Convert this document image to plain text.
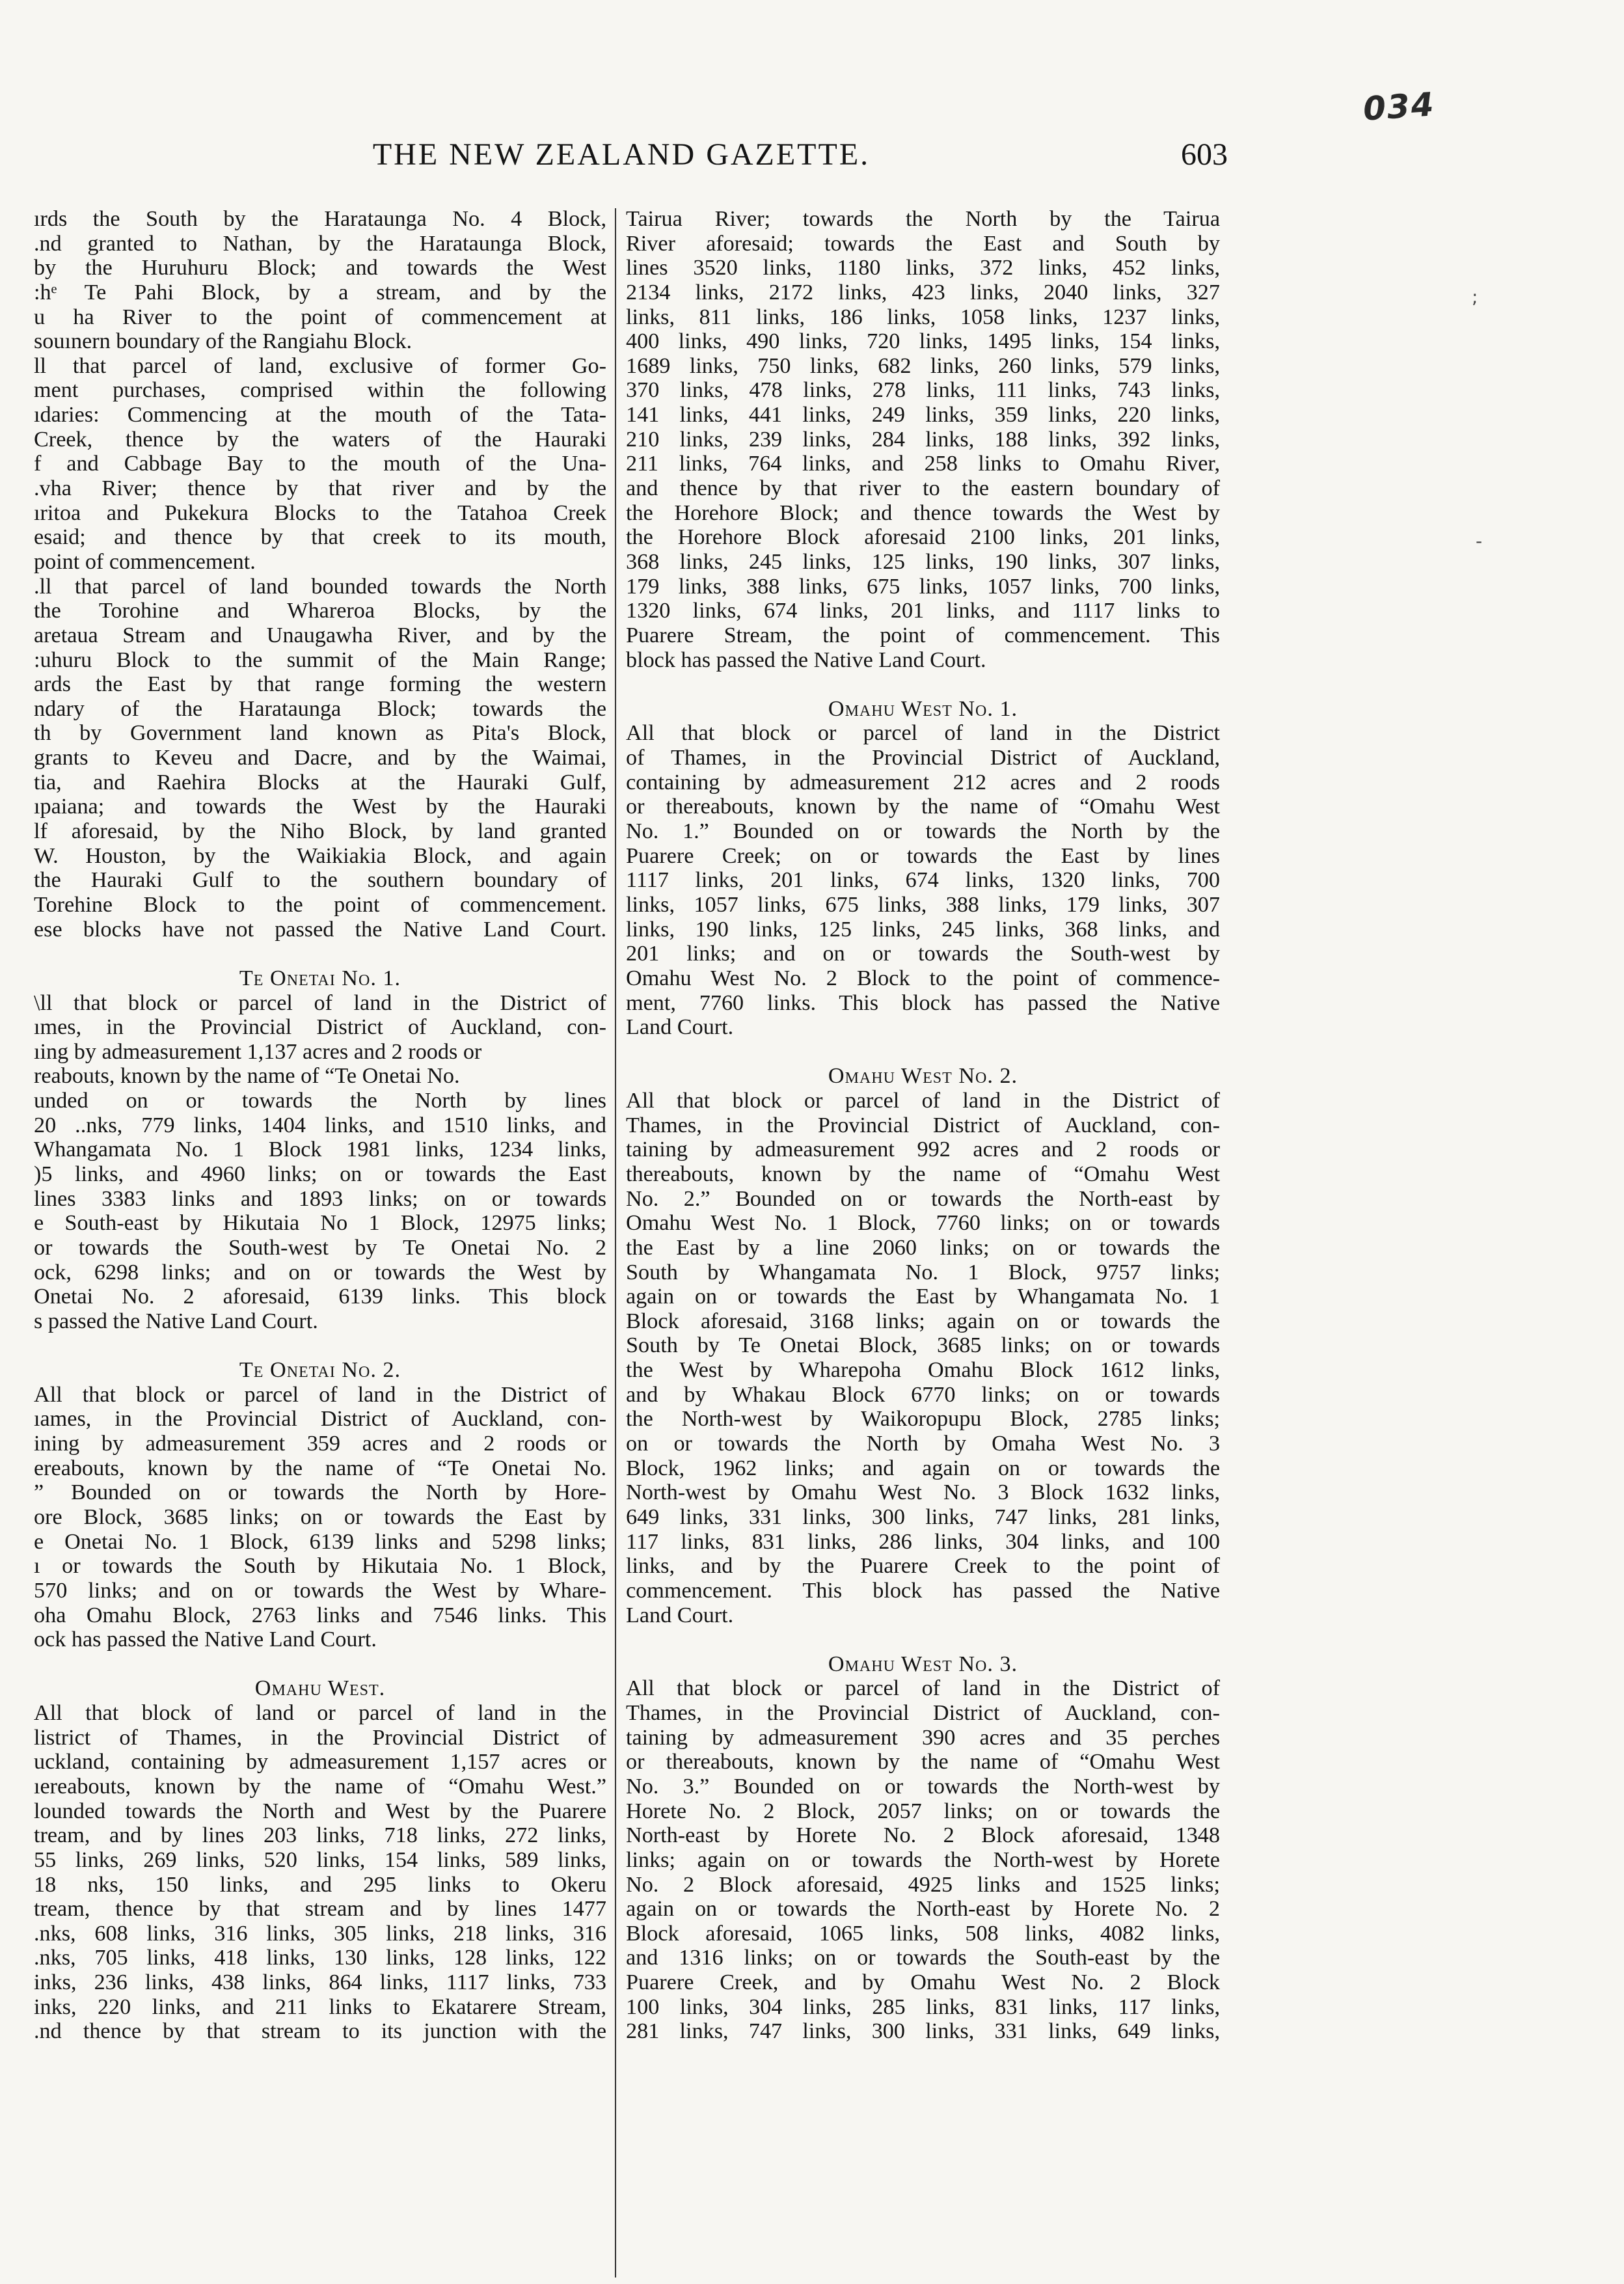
034
THE NEW ZEALAND GAZETTE.	603
ırds the South by the Haratаunga No. 4 Block,
.nd granted to Nathan, by the Haratаunga Block,
by the Huruhuru Block; and towards the West
:hᵉ Te Pahi Block, by a stream, and by the
u ha River to the point of commencement at
souınern boundary of the Rangiahu Block.
ll that parcel of land, exclusive of former Go-
ment purchases, comprised within the following
ıdaries: Commencing at the mouth of the Tata-
Creek, thence by the waters of the Hauraki
f and Cabbage Bay to the mouth of the Una-
.vha River; thence by that river and by the
ıritoa and Pukekura Blocks to the Tatahoa Creek
esaid; and thence by that creek to its mouth,
point of commencement.
.ll that parcel of land bounded towards the North
the Torohine and Whareroa Blocks, by the
aretaua Stream and Unaugawha River, and by the
:uhuru Block to the summit of the Main Range;
ards the East by that range forming the western
ndary of the Haratаunga Block; towards the
th by Government land known as Pita's Block,
grants to Keveu and Dacre, and by the Waimai,
tia, and Raehira Blocks at the Hauraki Gulf,
ıpaiana; and towards the West by the Hauraki
lf aforesaid, by the Niho Block, by land granted
W. Houston, by the Waikiakia Block, and again
the Hauraki Gulf to the southern boundary of
Torehine Block to the point of commencement.
ese blocks have not passed the Native Land Court.
Te Onetai No. 1.
\ll that block or parcel of land in the District of
ımes, in the Provincial District of Auckland, con-
ıing by admeasurement 1,137 acres and 2 roods or
reabouts, known by the name of “Te Onetai No.
unded on or towards the North by lines
20 ..nks, 779 links, 1404 links, and 1510 links, and
Whangamata No. 1 Block 1981 links, 1234 links,
)5 links, and 4960 links; on or towards the East
lines 3383 links and 1893 links; on or towards
e South-east by Hikutaia No 1 Block, 12975 links;
or towards the South-west by Te Onetai No. 2
ock, 6298 links; and on or towards the West by
Onetai No. 2 aforesaid, 6139 links. This block
s passed the Native Land Court.
Te Onetai No. 2.
All that block or parcel of land in the District of
ıames, in the Provincial District of Auckland, con-
ining by admeasurement 359 acres and 2 roods or
ereabouts, known by the name of “Te Onetai No.
” Bounded on or towards the North by Hore-
ore Block, 3685 links; on or towards the East by
e Onetai No. 1 Block, 6139 links and 5298 links;
ı or towards the South by Hikutaia No. 1 Block,
570 links; and on or towards the West by Whare-
oha Omahu Block, 2763 links and 7546 links. This
ock has passed the Native Land Court.
Omahu West.
All that block of land or parcel of land in the
listrict of Thames, in the Provincial District of
uckland, containing by admeasurement 1,157 acres or
ıereabouts, known by the name of “Omahu West.”
lounded towards the North and West by the Puarere
tream, and by lines 203 links, 718 links, 272 links,
55 links, 269 links, 520 links, 154 links, 589 links,
18 nks, 150 links, and 295 links to Okeru
tream, thence by that stream and by lines 1477
.nks, 608 links, 316 links, 305 links, 218 links, 316
.nks, 705 links, 418 links, 130 links, 128 links, 122
inks, 236 links, 438 links, 864 links, 1117 links, 733
inks, 220 links, and 211 links to Ekatarere Stream,
.nd thence by that stream to its junction with the
Tairua River; towards the North by the Tairua
River aforesaid; towards the East and South by
lines 3520 links, 1180 links, 372 links, 452 links,
2134 links, 2172 links, 423 links, 2040 links, 327
links, 811 links, 186 links, 1058 links, 1237 links,
400 links, 490 links, 720 links, 1495 links, 154 links,
1689 links, 750 links, 682 links, 260 links, 579 links,
370 links, 478 links, 278 links, 111 links, 743 links,
141 links, 441 links, 249 links, 359 links, 220 links,
210 links, 239 links, 284 links, 188 links, 392 links,
211 links, 764 links, and 258 links to Omahu River,
and thence by that river to the eastern boundary of
the Horehore Block; and thence towards the West by
the Horehore Block aforesaid 2100 links, 201 links,
368 links, 245 links, 125 links, 190 links, 307 links,
179 links, 388 links, 675 links, 1057 links, 700 links,
1320 links, 674 links, 201 links, and 1117 links to
Puarere Stream, the point of commencement. This
block has passed the Native Land Court.
Omahu West No. 1.
All that block or parcel of land in the District
of Thames, in the Provincial District of Auckland,
containing by admeasurement 212 acres and 2 roods
or thereabouts, known by the name of “Omahu West
No. 1.” Bounded on or towards the North by the
Puarere Creek; on or towards the East by lines
1117 links, 201 links, 674 links, 1320 links, 700
links, 1057 links, 675 links, 388 links, 179 links, 307
links, 190 links, 125 links, 245 links, 368 links, and
201 links; and on or towards the South-west by
Omahu West No. 2 Block to the point of commence-
ment, 7760 links. This block has passed the Native
Land Court.
Omahu West No. 2.
All that block or parcel of land in the District of
Thames, in the Provincial District of Auckland, con-
taining by admeasurement 992 acres and 2 roods or
thereabouts, known by the name of “Omahu West
No. 2.” Bounded on or towards the North-east by
Omahu West No. 1 Block, 7760 links; on or towards
the East by a line 2060 links; on or towards the
South by Whangamata No. 1 Block, 9757 links;
again on or towards the East by Whangamata No. 1
Block aforesaid, 3168 links; again on or towards the
South by Te Onetai Block, 3685 links; on or towards
the West by Wharepoha Omahu Block 1612 links,
and by Whakau Block 6770 links; on or towards
the North-west by Waikoropupu Block, 2785 links;
on or towards the North by Omaha West No. 3
Block, 1962 links; and again on or towards the
North-west by Omahu West No. 3 Block 1632 links,
649 links, 331 links, 300 links, 747 links, 281 links,
117 links, 831 links, 286 links, 304 links, and 100
links, and by the Puarere Creek to the point of
commencement. This block has passed the Native
Land Court.
Omahu West No. 3.
All that block or parcel of land in the District of
Thames, in the Provincial District of Auckland, con-
taining by admeasurement 390 acres and 35 perches
or thereabouts, known by the name of “Omahu West
No. 3.” Bounded on or towards the North-west by
Horete No. 2 Block, 2057 links; on or towards the
North-east by Horete No. 2 Block aforesaid, 1348
links; again on or towards the North-west by Horete
No. 2 Block aforesaid, 4925 links and 1525 links;
again on or towards the North-east by Horete No. 2
Block aforesaid, 1065 links, 508 links, 4082 links,
and 1316 links; on or towards the South-east by the
Puarere Creek, and by Omahu West No. 2 Block
100 links, 304 links, 285 links, 831 links, 117 links,
281 links, 747 links, 300 links, 331 links, 649 links,
;
-
